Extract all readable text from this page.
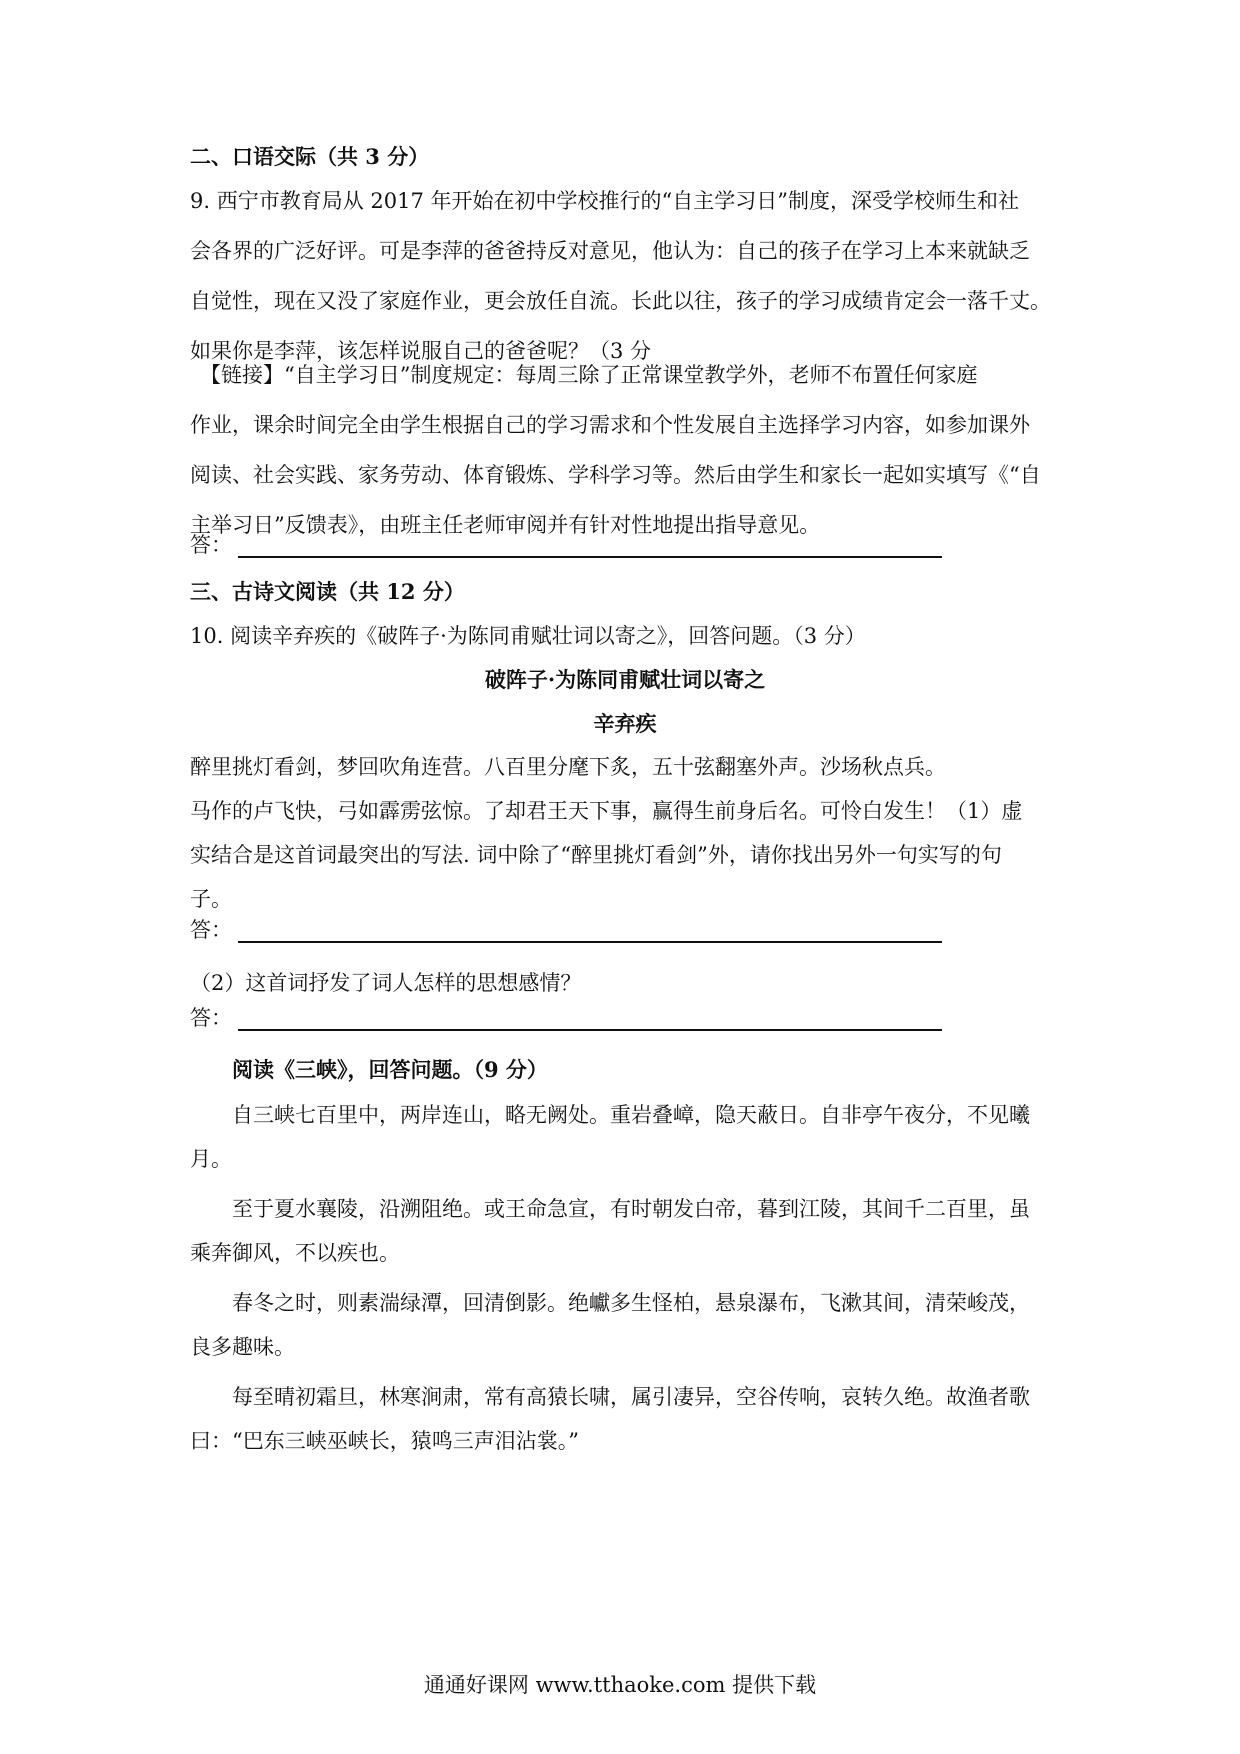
二、口语交际（共 3 分）
9. 西宁市教育局从 2017 年开始在初中学校推行的“自主学习日”制度，深受学校师生和社
会各界的广泛好评。可是李萍的爸爸持反对意见，他认为：自己的孩子在学习上本来就缺乏
自觉性，现在又没了家庭作业，更会放任自流。长此以往，孩子的学习成绩肯定会一落千丈。
如果你是李萍，该怎样说服自己的爸爸呢？（3 分
【链接】“自主学习日”制度规定：每周三除了正常课堂教学外，老师不布置任何家庭
作业，课余时间完全由学生根据自己的学习需求和个性发展自主选择学习内容，如参加课外
阅读、社会实践、家务劳动、体育锻炼、学科学习等。然后由学生和家长一起如实填写《“自
主举习日”反馈表》，由班主任老师审阅并有针对性地提出指导意见。
答：
三、古诗文阅读（共 12 分）
10. 阅读辛弃疾的《破阵子·为陈同甫赋壮词以寄之》，回答问题。（3 分）
破阵子·为陈同甫赋壮词以寄之
辛弃疾
醉里挑灯看剑，梦回吹角连营。八百里分麾下炙，五十弦翻塞外声。沙场秋点兵。
马作的卢飞快，弓如霹雳弦惊。了却君王天下事，赢得生前身后名。可怜白发生！（1）虚
实结合是这首词最突出的写法. 词中除了“醉里挑灯看剑”外，请你找出另外一句实写的句
子。
答：
（2）这首词抒发了词人怎样的思想感情？
答：
阅读《三峡》，回答问题。（9 分）
自三峡七百里中，两岸连山，略无阙处。重岩叠嶂，隐天蔽日。自非亭午夜分，不见曦
月。
至于夏水襄陵，沿溯阻绝。或王命急宣，有时朝发白帝，暮到江陵，其间千二百里，虽
乘奔御风，不以疾也。
春冬之时，则素湍绿潭，回清倒影。绝巘多生怪柏，悬泉瀑布，飞漱其间，清荣峻茂，
良多趣味。
每至晴初霜旦，林寒涧肃，常有高猿长啸，属引凄异，空谷传响，哀转久绝。故渔者歌
曰：“巴东三峡巫峡长，猿鸣三声泪沾裳。”
通通好课网 www.tthaoke.com 提供下载
